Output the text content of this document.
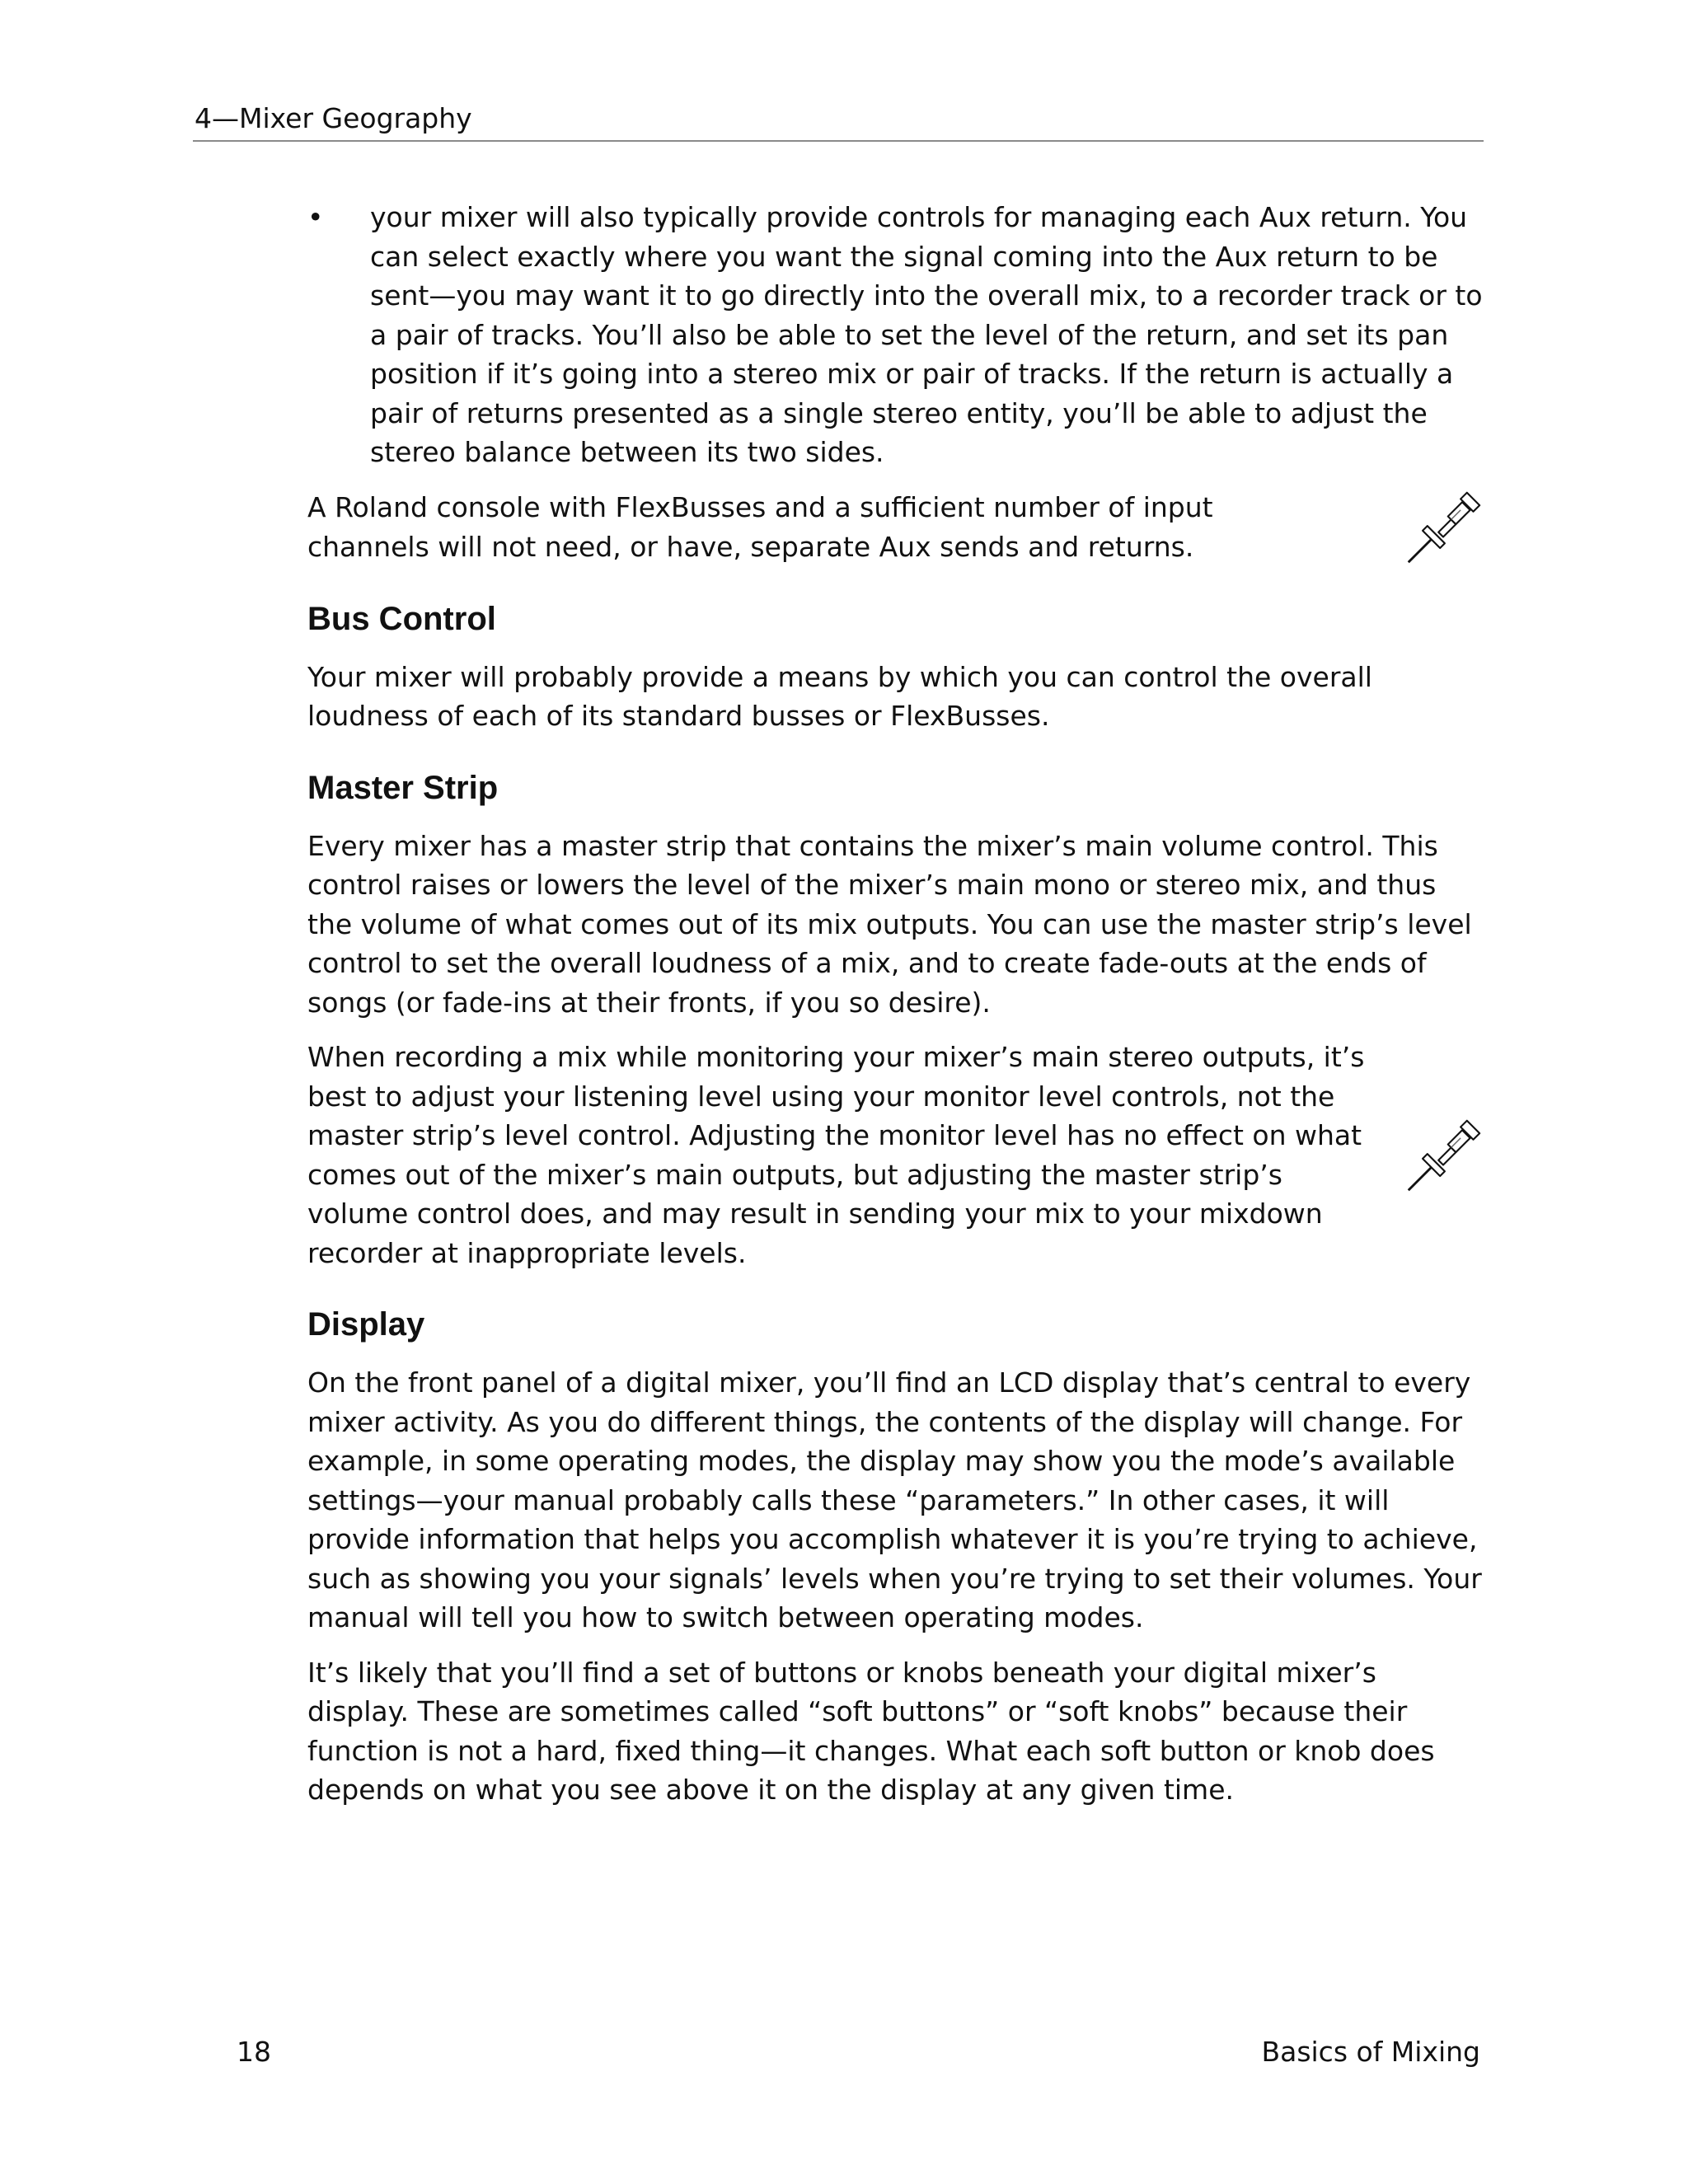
4—Mixer Geography
• your mixer will also typically provide controls for managing each Aux return. You can select exactly where you want the signal coming into the Aux return to be sent—you may want it to go directly into the overall mix, to a recorder track or to a pair of tracks. You’ll also be able to set the level of the return, and set its pan position if it’s going into a stereo mix or pair of tracks. If the return is actually a pair of returns presented as a single stereo entity, you’ll be able to adjust the stereo balance between its two sides.

A Roland console with FlexBusses and a sufficient number of input channels will not need, or have, separate Aux sends and returns.

Bus Control

Your mixer will probably provide a means by which you can control the overall loudness of each of its standard busses or FlexBusses.

Master Strip

Every mixer has a master strip that contains the mixer’s main volume control. This control raises or lowers the level of the mixer’s main mono or stereo mix, and thus the volume of what comes out of its mix outputs. You can use the master strip’s level control to set the overall loudness of a mix, and to create fade-outs at the ends of songs (or fade-ins at their fronts, if you so desire).

When recording a mix while monitoring your mixer’s main stereo outputs, it’s best to adjust your listening level using your monitor level controls, not the master strip’s level control. Adjusting the monitor level has no effect on what comes out of the mixer’s main outputs, but adjusting the master strip’s volume control does, and may result in sending your mix to your mixdown recorder at inappropriate levels.

Display

On the front panel of a digital mixer, you’ll find an LCD display that’s central to every mixer activity. As you do different things, the contents of the display will change. For example, in some operating modes, the display may show you the mode’s available settings—your manual probably calls these “parameters.” In other cases, it will provide information that helps you accomplish whatever it is you’re trying to achieve, such as showing you your signals’ levels when you’re trying to set their volumes. Your manual will tell you how to switch between operating modes.

It’s likely that you’ll find a set of buttons or knobs beneath your digital mixer’s display. These are sometimes called “soft buttons” or “soft knobs” because their function is not a hard, fixed thing—it changes. What each soft button or knob does depends on what you see above it on the display at any given time.

18	Basics of Mixing
